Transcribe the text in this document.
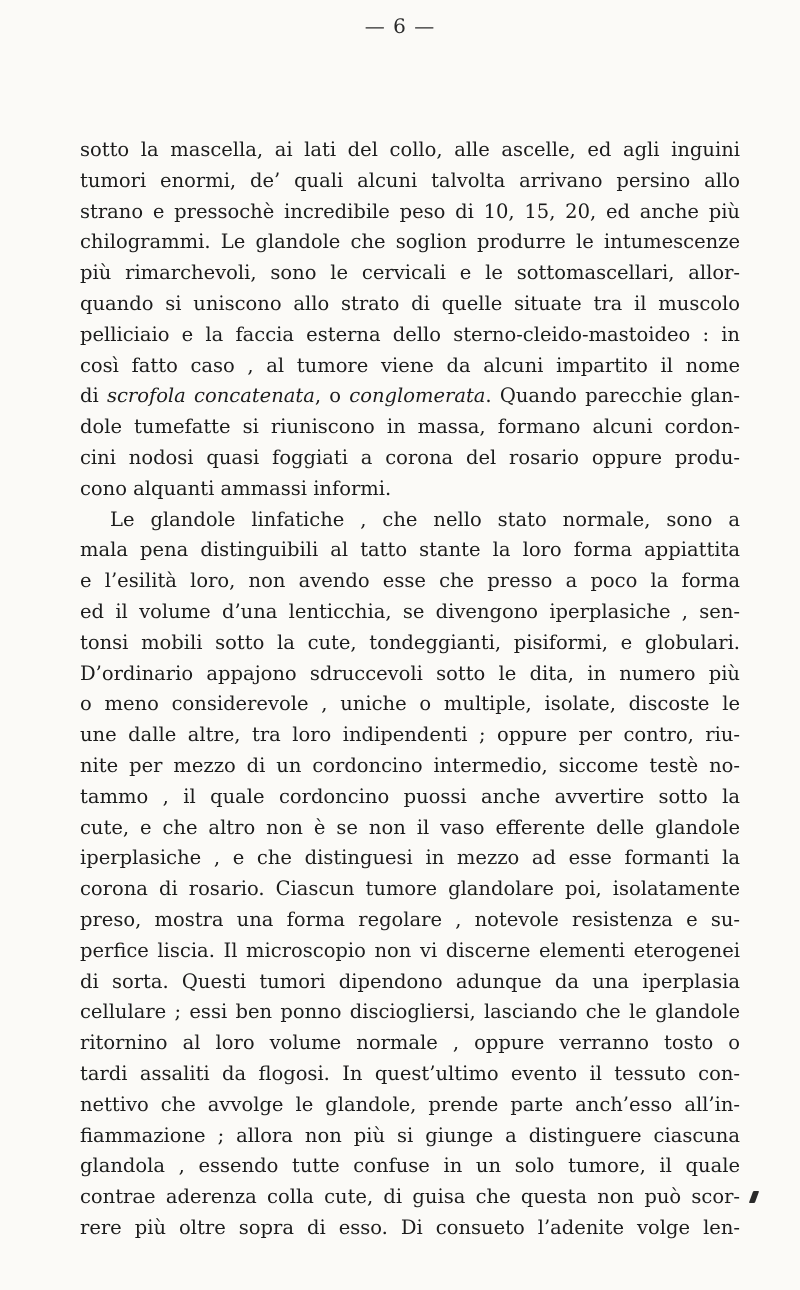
— 6 —
sotto la mascella, ai lati del collo, alle ascelle, ed agli inguini
tumori enormi, de’ quali alcuni talvolta arrivano persino allo
strano e pressochè incredibile peso di 10, 15, 20, ed anche più
chilogrammi. Le glandole che soglion produrre le intumescenze
più rimarchevoli, sono le cervicali e le sottomascellari, allor-
quando si uniscono allo strato di quelle situate tra il muscolo
pelliciaio e la faccia esterna dello sterno-cleido-mastoideo : in
così fatto caso , al tumore viene da alcuni impartito il nome
di scrofola concatenata, o conglomerata. Quando parecchie glan-
dole tumefatte si riuniscono in massa, formano alcuni cordon-
cini nodosi quasi foggiati a corona del rosario oppure produ-
cono alquanti ammassi informi.
Le glandole linfatiche , che nello stato normale, sono a
mala pena distinguibili al tatto stante la loro forma appiattita
e l’esilità loro, non avendo esse che presso a poco la forma
ed il volume d’una lenticchia, se divengono iperplasiche , sen-
tonsi mobili sotto la cute, tondeggianti, pisiformi, e globulari.
D’ordinario appajono sdruccevoli sotto le dita, in numero più
o meno considerevole , uniche o multiple, isolate, discoste le
une dalle altre, tra loro indipendenti ; oppure per contro, riu-
nite per mezzo di un cordoncino intermedio, siccome testè no-
tammo , il quale cordoncino puossi anche avvertire sotto la
cute, e che altro non è se non il vaso efferente delle glandole
iperplasiche , e che distinguesi in mezzo ad esse formanti la
corona di rosario. Ciascun tumore glandolare poi, isolatamente
preso, mostra una forma regolare , notevole resistenza e su-
perfice liscia. Il microscopio non vi discerne elementi eterogenei
di sorta. Questi tumori dipendono adunque da una iperplasia
cellulare ; essi ben ponno disciogliersi, lasciando che le glandole
ritornino al loro volume normale , oppure verranno tosto o
tardi assaliti da flogosi. In quest’ultimo evento il tessuto con-
nettivo che avvolge le glandole, prende parte anch’esso all’in-
fiammazione ; allora non più si giunge a distinguere ciascuna
glandola , essendo tutte confuse in un solo tumore, il quale
contrae aderenza colla cute, di guisa che questa non può scor-
rere più oltre sopra di esso. Di consueto l’adenite volge len-
